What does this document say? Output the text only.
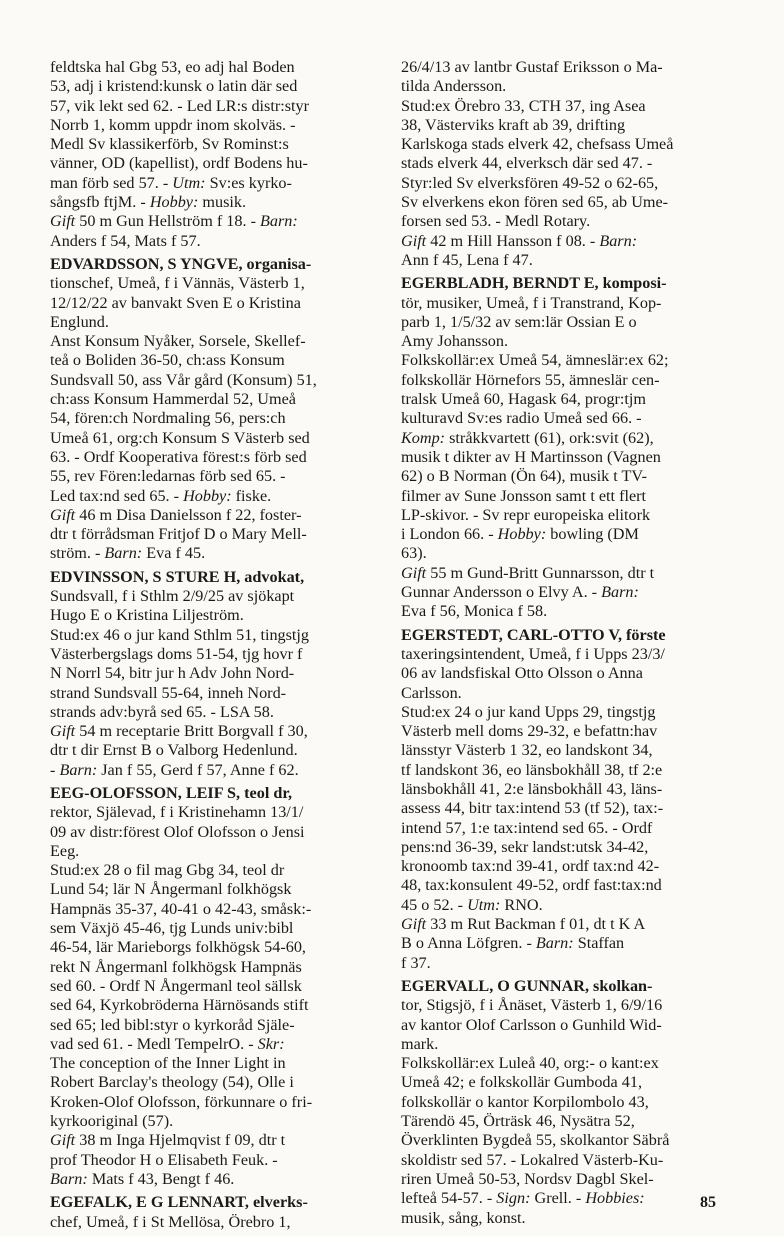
feldtska hal Gbg 53, eo adj hal Boden
53, adj i kristend:kunsk o latin där sed
57, vik lekt sed 62. - Led LR:s distr:styr
Norrb 1, komm uppdr inom skolväs. -
Medl Sv klassikerförb, Sv Rominst:s
vänner, OD (kapellist), ordf Bodens hu-
man förb sed 57. - Utm: Sv:es kyrko-
sångsfb ftjM. - Hobby: musik.
Gift 50 m Gun Hellström f 18. - Barn:
Anders f 54, Mats f 57.
EDVARDSSON, S YNGVE, organisa-
tionschef, Umeå, f i Vännäs, Västerb 1,
12/12/22 av banvakt Sven E o Kristina
Englund.
Anst Konsum Nyåker, Sorsele, Skellef-
teå o Boliden 36-50, ch:ass Konsum
Sundsvall 50, ass Vår gård (Konsum) 51,
ch:ass Konsum Hammerdal 52, Umeå
54, fören:ch Nordmaling 56, pers:ch
Umeå 61, org:ch Konsum S Västerb sed
63. - Ordf Kooperativa förest:s förb sed
55, rev Fören:ledarnas förb sed 65. -
Led tax:nd sed 65. - Hobby: fiske.
Gift 46 m Disa Danielsson f 22, foster-
dtr t förrådsman Fritjof D o Mary Mell-
ström. - Barn: Eva f 45.
EDVINSSON, S STURE H, advokat,
Sundsvall, f i Sthlm 2/9/25 av sjökapt
Hugo E o Kristina Liljeström.
Stud:ex 46 o jur kand Sthlm 51, tingstjg
Västerbergslags doms 51-54, tjg hovr f
N Norrl 54, bitr jur h Adv John Nord-
strand Sundsvall 55-64, inneh Nord-
strands adv:byrå sed 65. - LSA 58.
Gift 54 m receptarie Britt Borgvall f 30,
dtr t dir Ernst B o Valborg Hedenlund.
- Barn: Jan f 55, Gerd f 57, Anne f 62.
EEG-OLOFSSON, LEIF S, teol dr,
rektor, Själevad, f i Kristinehamn 13/1/
09 av distr:förest Olof Olofsson o Jensi
Eeg.
Stud:ex 28 o fil mag Gbg 34, teol dr
Lund 54; lär N Ångermanl folkhögsk
Hampnäs 35-37, 40-41 o 42-43, småsk:-
sem Växjö 45-46, tjg Lunds univ:bibl
46-54, lär Marieborgs folkhögsk 54-60,
rekt N Ångermanl folkhögsk Hampnäs
sed 60. - Ordf N Ångermanl teol sällsk
sed 64, Kyrkobröderna Härnösands stift
sed 65; led bibl:styr o kyrkoråd Själe-
vad sed 61. - Medl TempelrO. - Skr:
The conception of the Inner Light in
Robert Barclay's theology (54), Olle i
Kroken-Olof Olofsson, förkunnare o fri-
kyrkooriginal (57).
Gift 38 m Inga Hjelmqvist f 09, dtr t
prof Theodor H o Elisabeth Feuk. -
Barn: Mats f 43, Bengt f 46.
EGEFALK, E G LENNART, elverks-
chef, Umeå, f i St Mellösa, Örebro 1,
26/4/13 av lantbr Gustaf Eriksson o Ma-
tilda Andersson.
Stud:ex Örebro 33, CTH 37, ing Asea
38, Västerviks kraft ab 39, drifting
Karlskoga stads elverk 42, chefsass Umeå
stads elverk 44, elverksch där sed 47. -
Styr:led Sv elverksfören 49-52 o 62-65,
Sv elverkens ekon fören sed 65, ab Ume-
forsen sed 53. - Medl Rotary.
Gift 42 m Hill Hansson f 08. - Barn:
Ann f 45, Lena f 47.
EGERBLADH, BERNDT E, komposi-
tör, musiker, Umeå, f i Transtrand, Kop-
parb 1, 1/5/32 av sem:lär Ossian E o
Amy Johansson.
Folkskollär:ex Umeå 54, ämneslär:ex 62;
folkskollär Hörnefors 55, ämneslär cen-
tralsk Umeå 60, Hagask 64, progr:tjm
kulturavd Sv:es radio Umeå sed 66. -
Komp: stråkkvartett (61), ork:svit (62),
musik t dikter av H Martinsson (Vagnen
62) o B Norman (Ön 64), musik t TV-
filmer av Sune Jonsson samt t ett flert
LP-skivor. - Sv repr europeiska elitork
i London 66. - Hobby: bowling (DM
63).
Gift 55 m Gund-Britt Gunnarsson, dtr t
Gunnar Andersson o Elvy A. - Barn:
Eva f 56, Monica f 58.
EGERSTEDT, CARL-OTTO V, förste
taxeringsintendent, Umeå, f i Upps 23/3/
06 av landsfiskal Otto Olsson o Anna
Carlsson.
Stud:ex 24 o jur kand Upps 29, tingstjg
Västerb mell doms 29-32, e befattn:hav
länsstyr Västerb 1 32, eo landskont 34,
tf landskont 36, eo länsbokhåll 38, tf 2:e
länsbokhåll 41, 2:e länsbokhåll 43, läns-
assess 44, bitr tax:intend 53 (tf 52), tax:-
intend 57, 1:e tax:intend sed 65. - Ordf
pens:nd 36-39, sekr landst:utsk 34-42,
kronoomb tax:nd 39-41, ordf tax:nd 42-
48, tax:konsulent 49-52, ordf fast:tax:nd
45 o 52. - Utm: RNO.
Gift 33 m Rut Backman f 01, dt t K A
B o Anna Löfgren. - Barn: Staffan
f 37.
EGERVALL, O GUNNAR, skolkan-
tor, Stigsjö, f i Ånäset, Västerb 1, 6/9/16
av kantor Olof Carlsson o Gunhild Wid-
mark.
Folkskollär:ex Luleå 40, org:- o kant:ex
Umeå 42; e folkskollär Gumboda 41,
folkskollär o kantor Korpilombolo 43,
Tärendö 45, Örträsk 46, Nysätra 52,
Överklinten Bygdeå 55, skolkantor Säbrå
skoldistr sed 57. - Lokalred Västerb-Ku-
riren Umeå 50-53, Nordsv Dagbl Skel-
lefteå 54-57. - Sign: Grell. - Hobbies:
musik, sång, konst.
85
